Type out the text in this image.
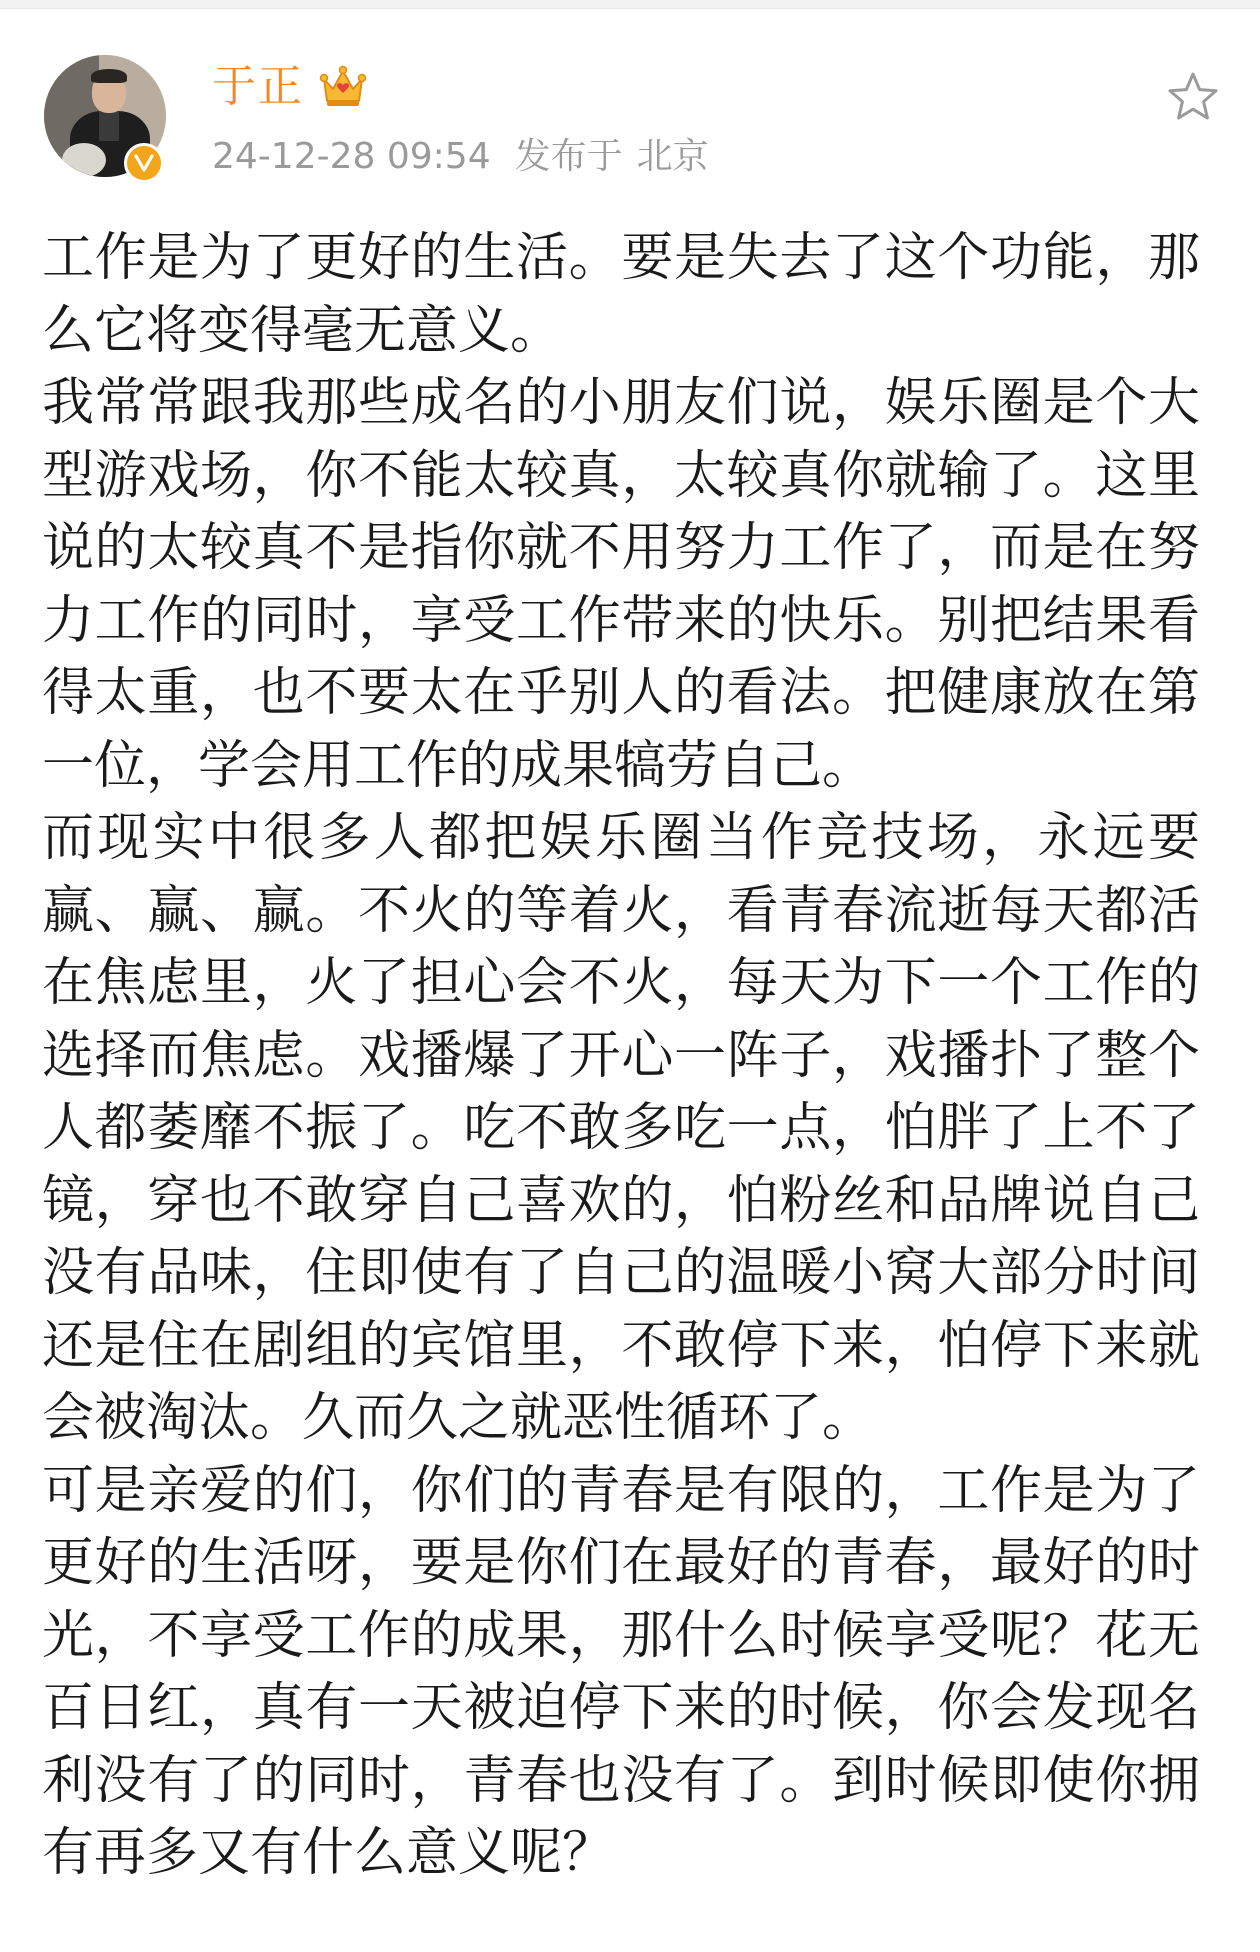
于正
24-12-28 09:54 发布于 北京

工作是为了更好的生活。要是失去了这个功能，那么它将变得毫无意义。

我常常跟我那些成名的小朋友们说，娱乐圈是个大型游戏场，你不能太较真，太较真你就输了。这里说的太较真不是指你就不用努力工作了，而是在努力工作的同时，享受工作带来的快乐。别把结果看得太重，也不要太在乎别人的看法。把健康放在第一位，学会用工作的成果犒劳自己。

而现实中很多人都把娱乐圈当作竞技场，永远要赢、赢、赢。不火的等着火，看青春流逝每天都活在焦虑里，火了担心会不火，每天为下一个工作的选择而焦虑。戏播爆了开心一阵子，戏播扑了整个人都萎靡不振了。吃不敢多吃一点，怕胖了上不了镜，穿也不敢穿自己喜欢的，怕粉丝和品牌说自己没有品味，住即使有了自己的温暖小窝大部分时间还是住在剧组的宾馆里，不敢停下来，怕停下来就会被淘汰。久而久之就恶性循环了。

可是亲爱的们，你们的青春是有限的，工作是为了更好的生活呀，要是你们在最好的青春，最好的时光，不享受工作的成果，那什么时候享受呢？花无百日红，真有一天被迫停下来的时候，你会发现名利没有了的同时，青春也没有了。到时候即使你拥有再多又有什么意义呢？
